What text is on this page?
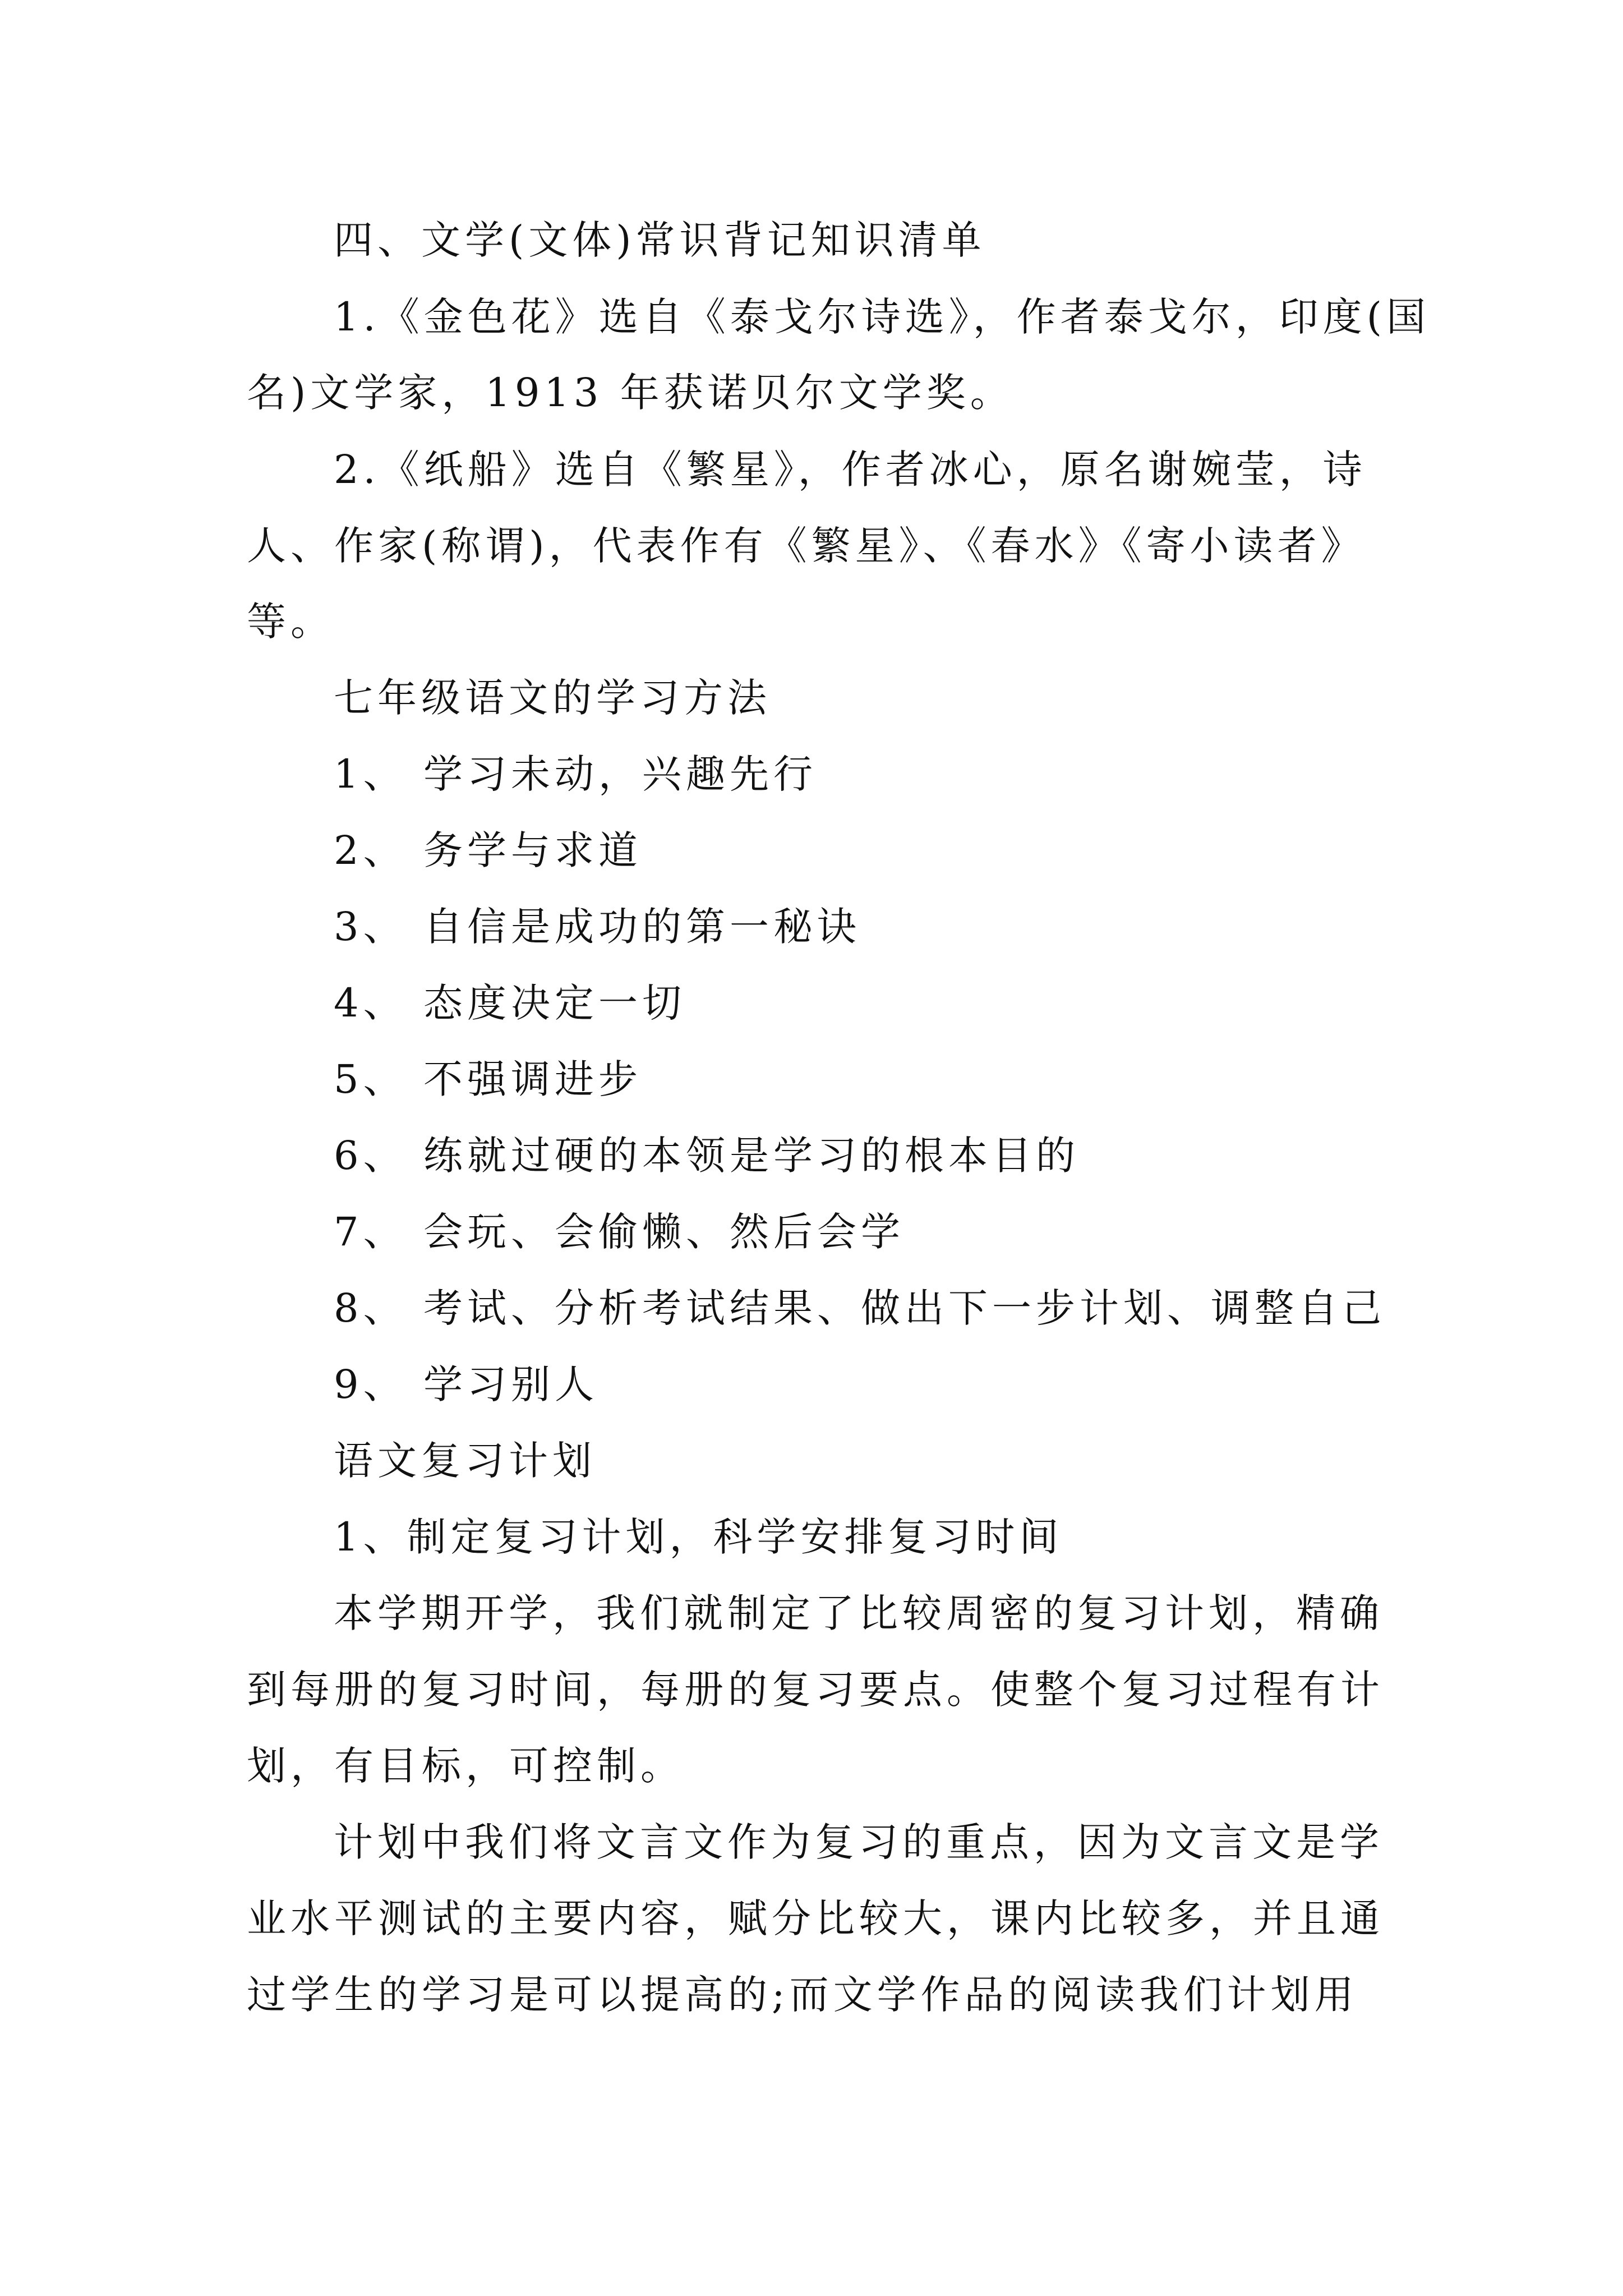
四、文学(文体)常识背记知识清单
1.《金色花》选自《泰戈尔诗选》，作者泰戈尔，印度(国
名)文学家，1913 年获诺贝尔文学奖。
2.《纸船》选自《繁星》，作者冰心，原名谢婉莹，诗
人、作家(称谓)，代表作有《繁星》、《春水》《寄小读者》
等。
七年级语文的学习方法
1、 学习未动，兴趣先行
2、 务学与求道
3、 自信是成功的第一秘诀
4、 态度决定一切
5、 不强调进步
6、 练就过硬的本领是学习的根本目的
7、 会玩、会偷懒、然后会学
8、 考试、分析考试结果、做出下一步计划、调整自己
9、 学习别人
语文复习计划
1、制定复习计划，科学安排复习时间
本学期开学，我们就制定了比较周密的复习计划，精确
到每册的复习时间，每册的复习要点。使整个复习过程有计
划，有目标，可控制。
计划中我们将文言文作为复习的重点，因为文言文是学
业水平测试的主要内容，赋分比较大，课内比较多，并且通
过学生的学习是可以提高的;而文学作品的阅读我们计划用
